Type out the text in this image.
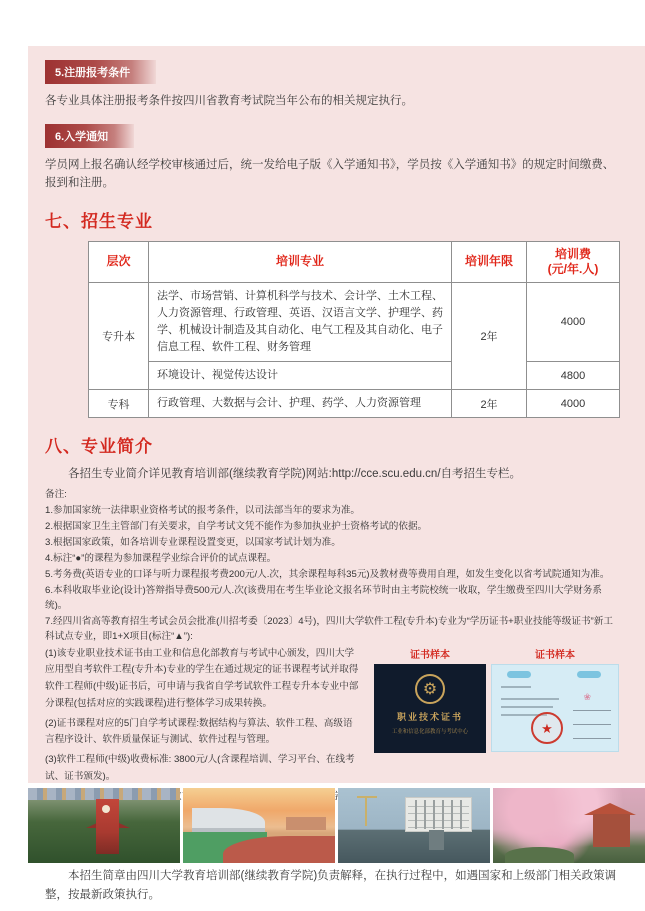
5.注册报考条件
各专业具体注册报考条件按四川省教育考试院当年公布的相关规定执行。
6.入学通知
学员网上报名确认经学校审核通过后，统一发给电子版《入学通知书》，学员按《入学通知书》的规定时间缴费、报到和注册。
七、招生专业
层次	培训专业	培训年限	培训费
(元/年.人)
专升本	法学、市场营销、计算机科学与技术、会计学、土木工程、人力资源管理、行政管理、英语、汉语言文学、护理学、药学、机械设计制造及其自动化、电气工程及其自动化、电子信息工程、软件工程、财务管理	2年	4000
	环境设计、视觉传达设计		4800
专科	行政管理、大数据与会计、护理、药学、人力资源管理	2年	4000
八、专业简介
各招生专业简介详见教育培训部(继续教育学院)网站:http://cce.scu.edu.cn/自考招生专栏。
备注:
1.参加国家统一法律职业资格考试的报考条件，以司法部当年的要求为准。
2.根据国家卫生主管部门有关要求，自学考试文凭不能作为参加执业护士资格考试的依据。
3.根据国家政策，如各培训专业课程设置变更，以国家考试计划为准。
4.标注“●”的课程为参加课程学业综合评价的试点课程。
5.考务费(英语专业的口译与听力课程报考费200元/人.次，其余课程每科35元)及教材费等费用自理，如发生变化以省考试院通知为准。
6.本科收取毕业论(设计)答辩指导费500元/人.次(该费用在考生毕业论文报名环节时由主考院校统一收取，学生缴费至四川大学财务系统)。
7.经四川省高等教育招生考试会员会批准(川招考委〔2023〕4号)，四川大学软件工程(专升本)专业为“学历证书+职业技能等级证书”新工科试点专业，即1+X项目(标注“▲”):
(1)该专业职业技术证书由工业和信息化部教育与考试中心颁发，四川大学应用型自考软件工程(专升本)专业的学生在通过规定的证书课程考试并取得软件工程师(中级)证书后，可申请与我省自学考试软件工程专升本专业中部分课程(包括对应的实践课程)进行整体学习成果转换。
(2)证书课程对应的5门自学考试课程:数据结构与算法、软件工程、高级语言程序设计、软件质量保证与测试、软件过程与管理。
(3)软件工程师(中级)收费标准: 3800元/人(含课程培训、学习平台、在线考试、证书颁发)。
证书样本	证书样本
⚙
职业技术证书
工业和信息化部教育与考试中心
❀
★
本招生简章由四川大学教育培训部(继续教育学院)负责解释，在执行过程中，如遇国家和上级部门相关政策调整，按最新政策执行。
